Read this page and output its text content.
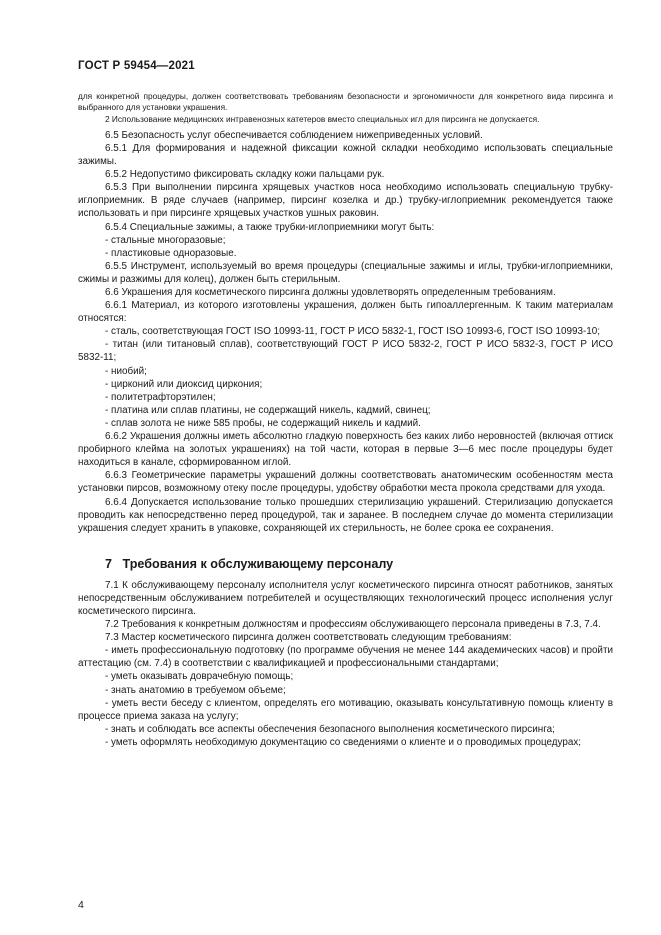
ГОСТ Р 59454—2021

для конкретной процедуры, должен соответствовать требованиям безопасности и эргономичности для конкретного вида пирсинга и выбранного для установки украшения.

2 Использование медицинских интравенозных катетеров вместо специальных игл для пирсинга не допускается.

6.5 Безопасность услуг обеспечивается соблюдением нижеприведенных условий.

6.5.1 Для формирования и надежной фиксации кожной складки необходимо использовать специальные зажимы.

6.5.2 Недопустимо фиксировать складку кожи пальцами рук.

6.5.3 При выполнении пирсинга хрящевых участков носа необходимо использовать специальную трубку-иглоприемник. В ряде случаев (например, пирсинг козелка и др.) трубку-иглоприемник рекомендуется также использовать и при пирсинге хрящевых участков ушных раковин.

6.5.4 Специальные зажимы, а также трубки-иглоприемники могут быть:

- стальные многоразовые;

- пластиковые одноразовые.

6.5.5 Инструмент, используемый во время процедуры (специальные зажимы и иглы, трубки-иглоприемники, сжимы и разжимы для колец), должен быть стерильным.

6.6 Украшения для косметического пирсинга должны удовлетворять определенным требованиям.

6.6.1 Материал, из которого изготовлены украшения, должен быть гипоаллергенным. К таким материалам относятся:

- сталь, соответствующая ГОСТ ISO 10993-11, ГОСТ Р ИСО 5832-1, ГОСТ ISO 10993-6, ГОСТ ISO 10993-10;

- титан (или титановый сплав), соответствующий ГОСТ Р ИСО 5832-2, ГОСТ Р ИСО 5832-3, ГОСТ Р ИСО 5832-11;

- ниобий;

- цирконий или диоксид циркония;

- политетрафторэтилен;

- платина или сплав платины, не содержащий никель, кадмий, свинец;

- сплав золота не ниже 585 пробы, не содержащий никель и кадмий.

6.6.2 Украшения должны иметь абсолютно гладкую поверхность без каких либо неровностей (включая оттиск пробирного клейма на золотых украшениях) на той части, которая в первые 3—6 мес после процедуры будет находиться в канале, сформированном иглой.

6.6.3 Геометрические параметры украшений должны соответствовать анатомическим особенностям места установки пирсов, возможному отеку после процедуры, удобству обработки места прокола средствами для ухода.

6.6.4 Допускается использование только прошедших стерилизацию украшений. Стерилизацию допускается проводить как непосредственно перед процедурой, так и заранее. В последнем случае до момента стерилизации украшения следует хранить в упаковке, сохраняющей их стерильность, не более срока ее сохранения.

7 Требования к обслуживающему персоналу

7.1 К обслуживающему персоналу исполнителя услуг косметического пирсинга относят работников, занятых непосредственным обслуживанием потребителей и осуществляющих технологический процесс исполнения услуг косметического пирсинга.

7.2 Требования к конкретным должностям и профессиям обслуживающего персонала приведены в 7.3, 7.4.

7.3 Мастер косметического пирсинга должен соответствовать следующим требованиям:

- иметь профессиональную подготовку (по программе обучения не менее 144 академических часов) и пройти аттестацию (см. 7.4) в соответствии с квалификацией и профессиональными стандартами;

- уметь оказывать доврачебную помощь;

- знать анатомию в требуемом объеме;

- уметь вести беседу с клиентом, определять его мотивацию, оказывать консультативную помощь клиенту в процессе приема заказа на услугу;

- знать и соблюдать все аспекты обеспечения безопасного выполнения косметического пирсинга;

- уметь оформлять необходимую документацию со сведениями о клиенте и о проводимых процедурах;

4
